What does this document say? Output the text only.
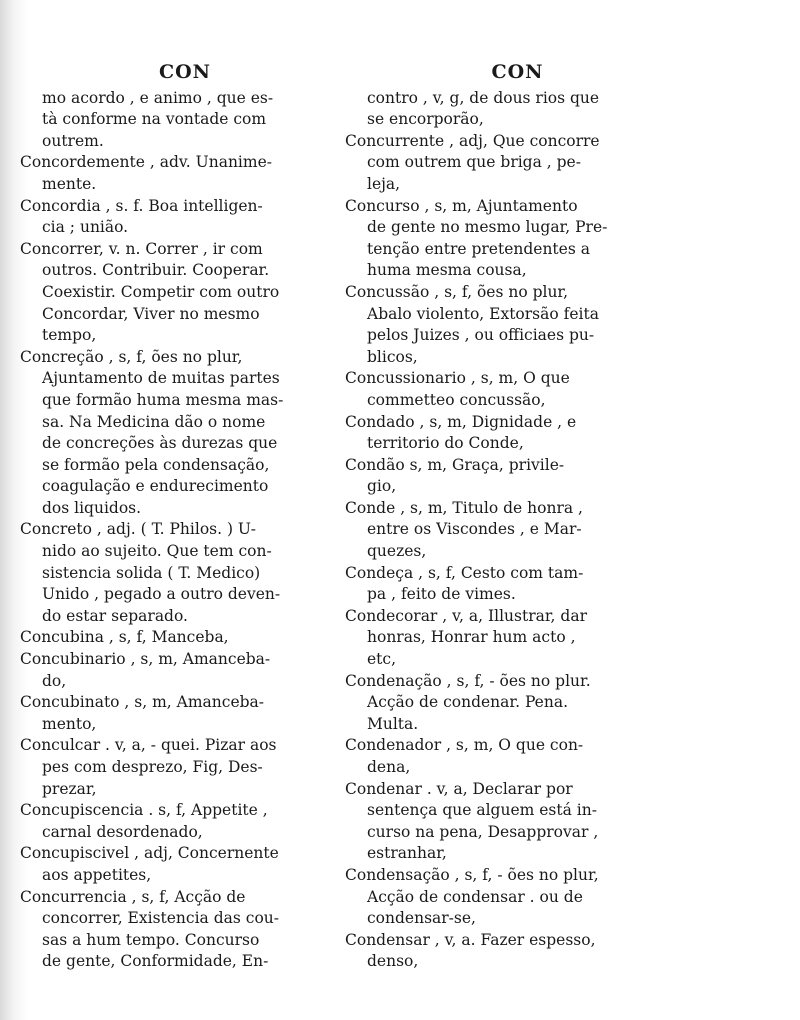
CON

mo acordo , e animo , que es-
tà conforme na vontade com
outrem.

Concordemente , adv. Unanime-
mente.

Concordia , s. f. Boa intelligen-
cia ; união.

Concorrer, v. n. Correr , ir com
outros. Contribuir. Cooperar.
Coexistir. Competir com outro
Concordar, Viver no mesmo
tempo,

Concreção , s, f, ões no plur,
Ajuntamento de muitas partes
que formão huma mesma mas-
sa. Na Medicina dão o nome
de concreções às durezas que
se formão pela condensação,
coagulação e endurecimento
dos liquidos.

Concreto , adj. ( T. Philos. ) U-
nido ao sujeito. Que tem con-
sistencia solida ( T. Medico)
Unido , pegado a outro deven-
do estar separado.

Concubina , s, f, Manceba,

Concubinario , s, m, Amanceba-
do,

Concubinato , s, m, Amanceba-
mento,

Conculcar . v, a, - quei. Pizar aos
pes com desprezo, Fig, Des-
prezar,

Concupiscencia . s, f, Appetite ,
carnal desordenado,

Concupiscivel , adj, Concernente
aos appetites,

Concurrencia , s, f, Acção de
concorrer, Existencia das cou-
sas a hum tempo. Concurso
de gente, Conformidade, En-

CON

contro , v, g, de dous rios que
se encorporão,

Concurrente , adj, Que concorre
com outrem que briga , pe-
leja,

Concurso , s, m, Ajuntamento
de gente no mesmo lugar, Pre-
tenção entre pretendentes a
huma mesma cousa,

Concussão , s, f, ões no plur,
Abalo violento, Extorsão feita
pelos Juizes , ou officiaes pu-
blicos,

Concussionario , s, m, O que
commetteo concussão,

Condado , s, m, Dignidade , e
territorio do Conde,

Condão s, m, Graça, privile-
gio,

Conde , s, m, Titulo de honra ,
entre os Viscondes , e Mar-
quezes,

Condeça , s, f, Cesto com tam-
pa , feito de vimes.

Condecorar , v, a, Illustrar, dar
honras, Honrar hum acto ,
etc,

Condenação , s, f, - ões no plur.
Acção de condenar. Pena.
Multa.

Condenador , s, m, O que con-
dena,

Condenar . v, a, Declarar por
sentença que alguem está in-
curso na pena, Desapprovar ,
estranhar,

Condensação , s, f, - ões no plur,
Acção de condensar . ou de
condensar-se,

Condensar , v, a. Fazer espesso,
denso,
